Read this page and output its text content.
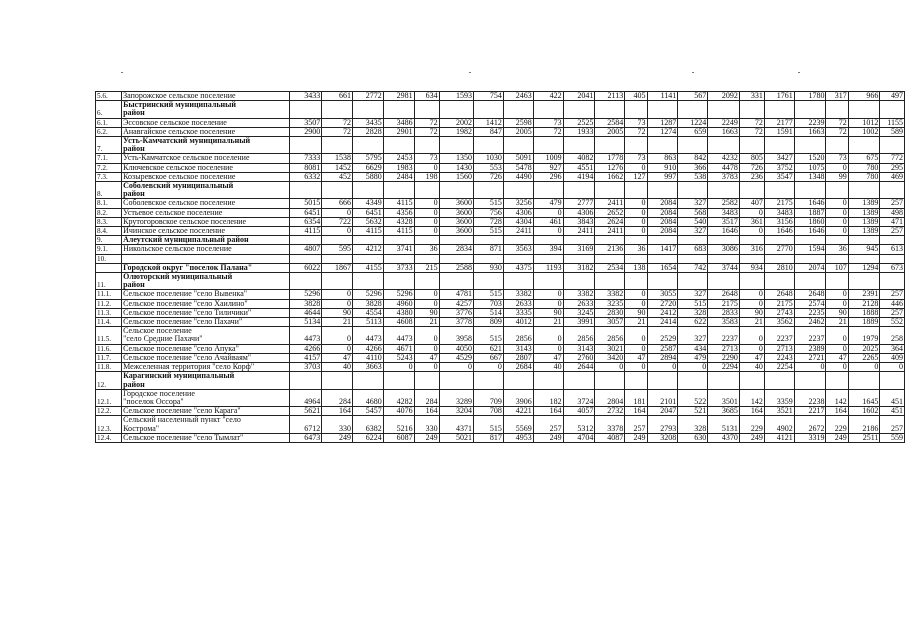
5.6.	Запорожское сельское поселение	3433	661	2772	2981	634	1593	754	2463	422	2041	2113	405	1141	567	2092	331	1761	1780	317	966	497
6.	Быстринский муниципальный
район																					
6.1.	Эссовское сельское поселение	3507	72	3435	3486	72	2002	1412	2598	73	2525	2584	73	1287	1224	2249	72	2177	2239	72	1012	1155
6.2.	Анавгайское сельское поселение	2900	72	2828	2901	72	1982	847	2005	72	1933	2005	72	1274	659	1663	72	1591	1663	72	1002	589
7.	Усть-Камчатский муниципальный
район																					
7.1.	Усть-Камчатское сельское поселение	7333	1538	5795	2453	73	1350	1030	5091	1009	4082	1778	73	863	842	4232	805	3427	1520	73	675	772
7.2.	Ключевское сельское поселение	8081	1452	6629	1983	0	1430	553	5478	927	4551	1276	0	910	366	4478	726	3752	1075	0	780	295
7.3.	Козыревское сельское поселение	6332	452	5880	2484	198	1560	726	4490	296	4194	1662	127	997	538	3783	236	3547	1348	99	780	469
8.	Соболевский муниципальный
район																					
8.1.	Соболевское сельское поселение	5015	666	4349	4115	0	3600	515	3256	479	2777	2411	0	2084	327	2582	407	2175	1646	0	1389	257
8.2.	Устьевое сельское поселение	6451	0	6451	4356	0	3600	756	4306	0	4306	2652	0	2084	568	3483	0	3483	1887	0	1389	498
8.3.	Крутогоровское сельское поселение	6354	722	5632	4328	0	3600	728	4304	461	3843	2624	0	2084	540	3517	361	3156	1860	0	1389	471
8.4.	Ичинское сельское поселение	4115	0	4115	4115	0	3600	515	2411	0	2411	2411	0	2084	327	1646	0	1646	1646	0	1389	257
9.	Алеутский муниципальный район																					
9.1.	Никольское сельское поселение	4807	595	4212	3741	36	2834	871	3563	394	3169	2136	36	1417	683	3086	316	2770	1594	36	945	613
10.																						
	Городской округ "поселок Палана"	6022	1867	4155	3733	215	2588	930	4375	1193	3182	2534	138	1654	742	3744	934	2810	2074	107	1294	673
11.	Олюторский муниципальный
район																					
11.1.	Сельское поселение "село Вывенка"	5296	0	5296	5296	0	4781	515	3382	0	3382	3382	0	3055	327	2648	0	2648	2648	0	2391	257
11.2.	Сельское поселение "село Хаилино"	3828	0	3828	4960	0	4257	703	2633	0	2633	3235	0	2720	515	2175	0	2175	2574	0	2128	446
11.3.	Сельское поселение "село Тиличики"	4644	90	4554	4380	90	3776	514	3335	90	3245	2830	90	2412	328	2833	90	2743	2235	90	1888	257
11.4.	Сельское поселение "село Пахачи"	5134	21	5113	4608	21	3778	809	4012	21	3991	3057	21	2414	622	3583	21	3562	2462	21	1889	552
11.5.	Сельское поселение
"село Средние Пахачи"	4473	0	4473	4473	0	3958	515	2856	0	2856	2856	0	2529	327	2237	0	2237	2237	0	1979	258
11.6.	Сельское поселение "село Апука"	4266	0	4266	4671	0	4050	621	3143	0	3143	3021	0	2587	434	2713	0	2713	2389	0	2025	364
11.7.	Сельское поселение "село Ачайваям"	4157	47	4110	5243	47	4529	667	2807	47	2760	3420	47	2894	479	2290	47	2243	2721	47	2265	409
11.8.	Межселенная территория "село Корф"	3703	40	3663	0	0	0	0	2684	40	2644	0	0	0	0	2294	40	2254	0	0	0	0
12.	Карагинский муниципальный
район																					
12.1.	Городское поселение
"поселок Оссора"	4964	284	4680	4282	284	3289	709	3906	182	3724	2804	181	2101	522	3501	142	3359	2238	142	1645	451
12.2.	Сельское поселение "село Карага"	5621	164	5457	4076	164	3204	708	4221	164	4057	2732	164	2047	521	3685	164	3521	2217	164	1602	451
12.3.	Сельский населенный пункт "село
Кострома"	6712	330	6382	5216	330	4371	515	5569	257	5312	3378	257	2793	328	5131	229	4902	2672	229	2186	257
12.4.	Сельское поселение "село Тымлат"	6473	249	6224	6087	249	5021	817	4953	249	4704	4087	249	3208	630	4370	249	4121	3319	249	2511	559
